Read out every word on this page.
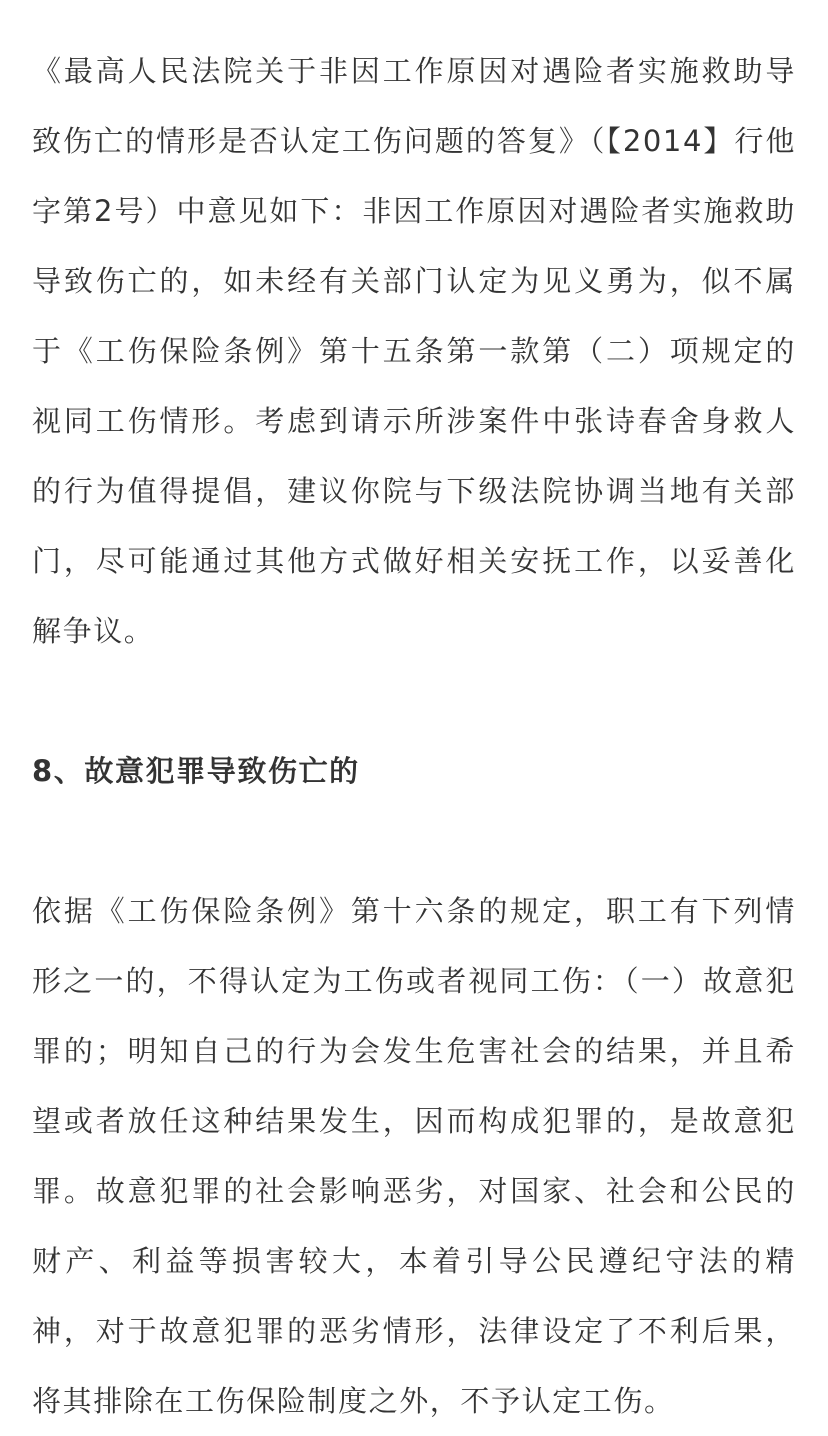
《最高人民法院关于非因工作原因对遇险者实施救助导致伤亡的情形是否认定工伤问题的答复》（【2014】行他字第2号）中意见如下：非因工作原因对遇险者实施救助导致伤亡的，如未经有关部门认定为见义勇为，似不属于《工伤保险条例》第十五条第一款第（二）项规定的视同工伤情形。考虑到请示所涉案件中张诗春舍身救人的行为值得提倡，建议你院与下级法院协调当地有关部门，尽可能通过其他方式做好相关安抚工作，以妥善化解争议。

8、故意犯罪导致伤亡的

依据《工伤保险条例》第十六条的规定，职工有下列情形之一的，不得认定为工伤或者视同工伤：（一）故意犯罪的；明知自己的行为会发生危害社会的结果，并且希望或者放任这种结果发生，因而构成犯罪的，是故意犯罪。故意犯罪的社会影响恶劣，对国家、社会和公民的财产、利益等损害较大，本着引导公民遵纪守法的精神，对于故意犯罪的恶劣情形，法律设定了不利后果，将其排除在工伤保险制度之外，不予认定工伤。
